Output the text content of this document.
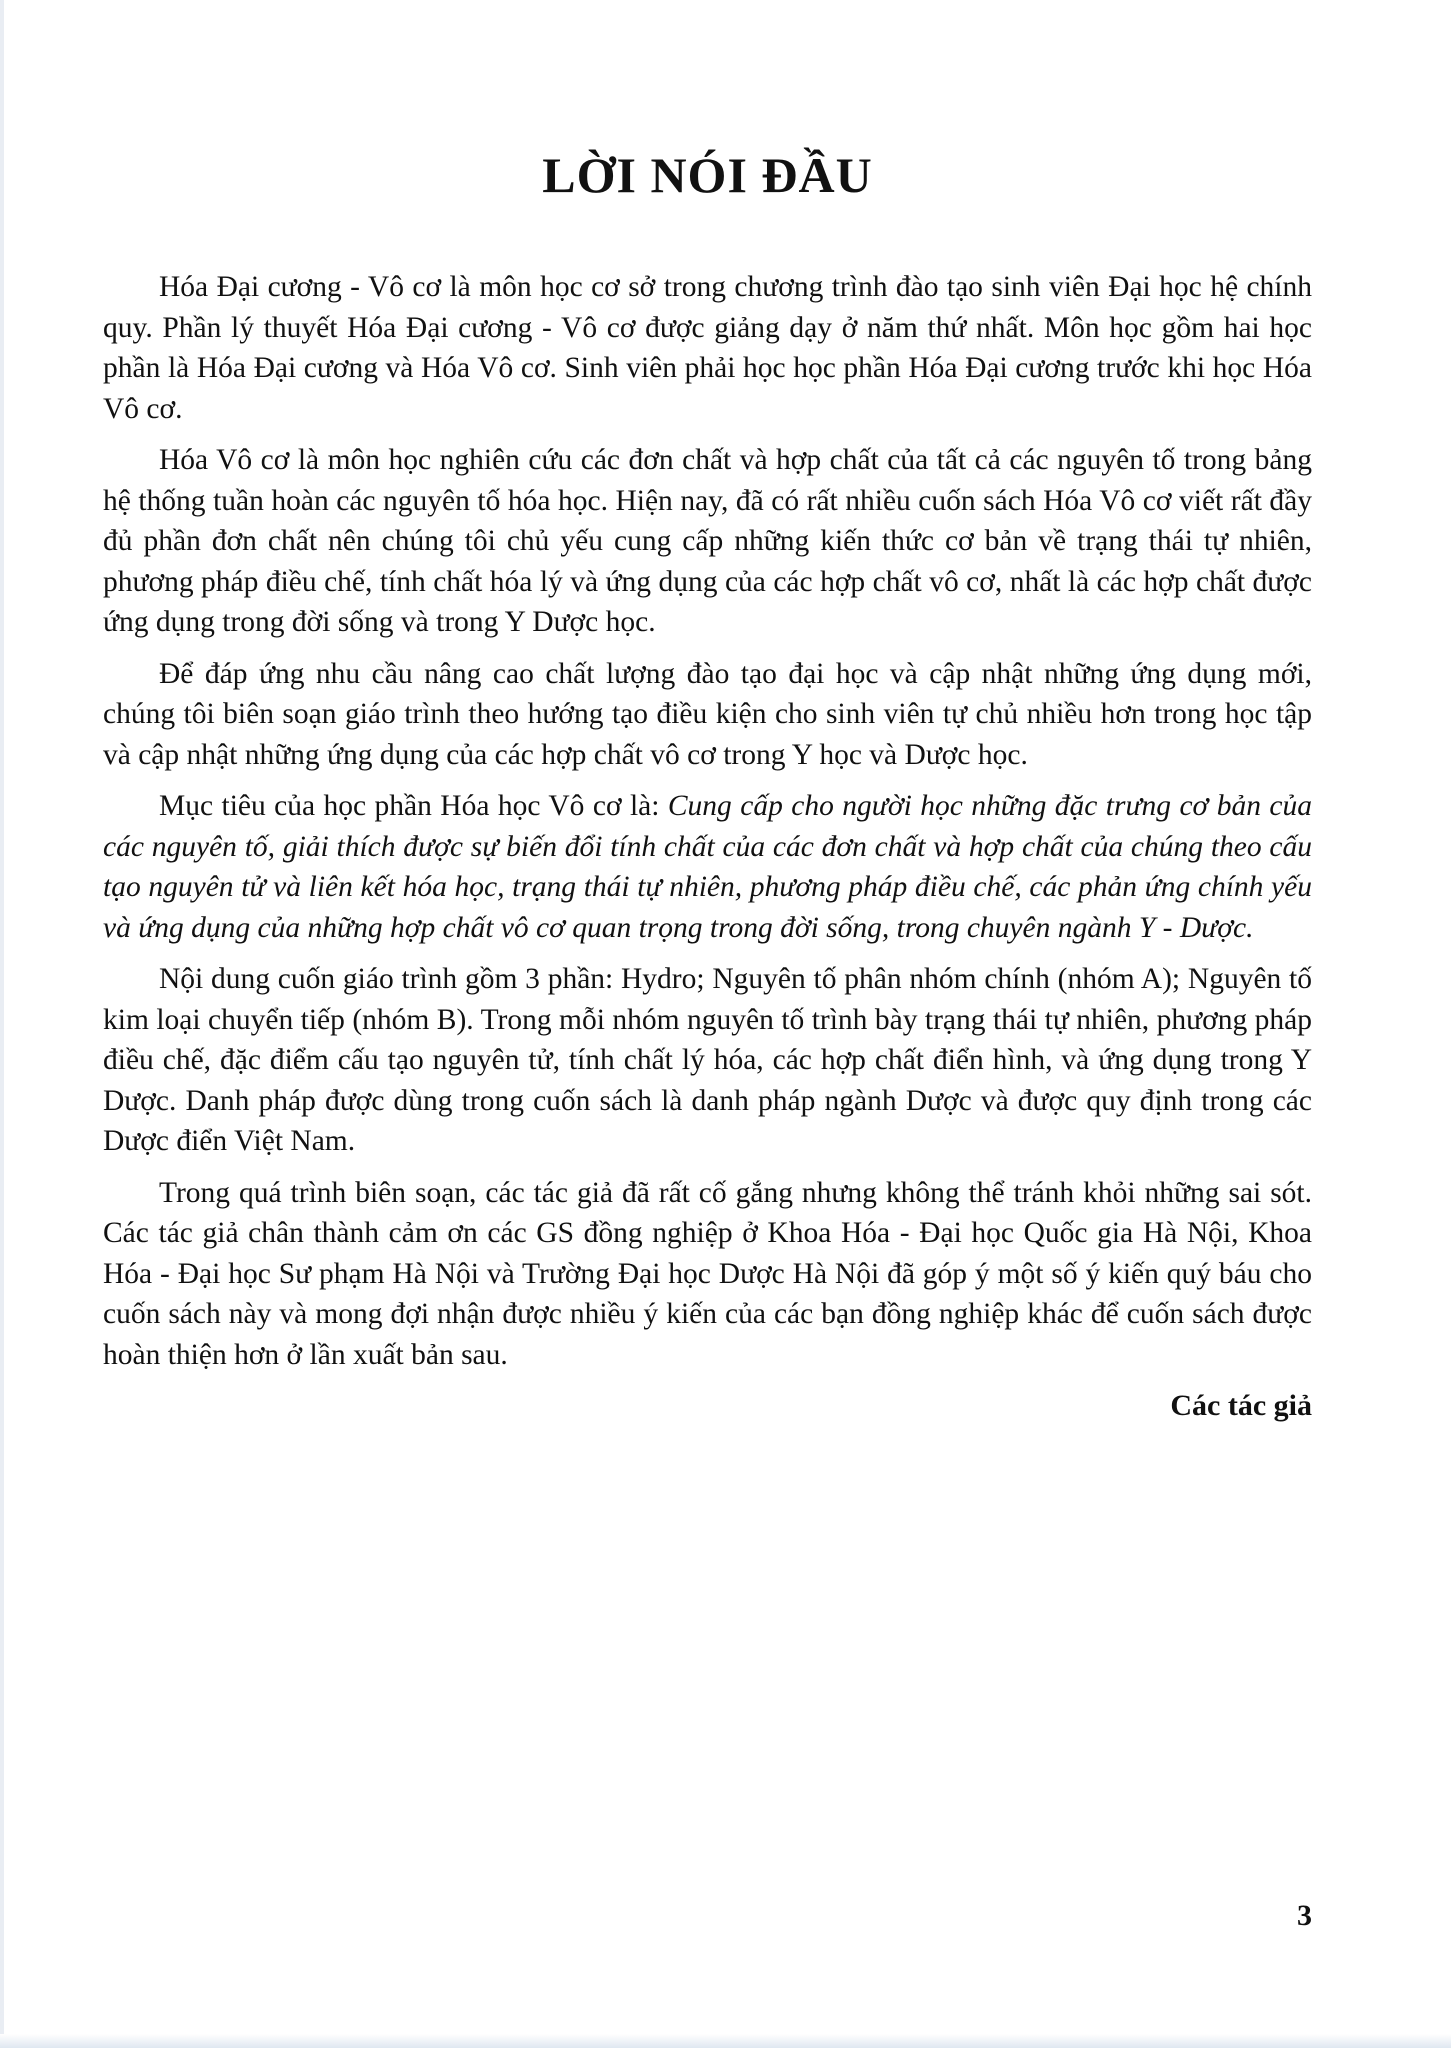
LỜI NÓI ĐẦU

Hóa Đại cương - Vô cơ là môn học cơ sở trong chương trình đào tạo sinh viên Đại học hệ chính quy. Phần lý thuyết Hóa Đại cương - Vô cơ được giảng dạy ở năm thứ nhất. Môn học gồm hai học phần là Hóa Đại cương và Hóa Vô cơ. Sinh viên phải học học phần Hóa Đại cương trước khi học Hóa Vô cơ.

Hóa Vô cơ là môn học nghiên cứu các đơn chất và hợp chất của tất cả các nguyên tố trong bảng hệ thống tuần hoàn các nguyên tố hóa học. Hiện nay, đã có rất nhiều cuốn sách Hóa Vô cơ viết rất đầy đủ phần đơn chất nên chúng tôi chủ yếu cung cấp những kiến thức cơ bản về trạng thái tự nhiên, phương pháp điều chế, tính chất hóa lý và ứng dụng của các hợp chất vô cơ, nhất là các hợp chất được ứng dụng trong đời sống và trong Y Dược học.

Để đáp ứng nhu cầu nâng cao chất lượng đào tạo đại học và cập nhật những ứng dụng mới, chúng tôi biên soạn giáo trình theo hướng tạo điều kiện cho sinh viên tự chủ nhiều hơn trong học tập và cập nhật những ứng dụng của các hợp chất vô cơ trong Y học và Dược học.

Mục tiêu của học phần Hóa học Vô cơ là: Cung cấp cho người học những đặc trưng cơ bản của các nguyên tố, giải thích được sự biến đổi tính chất của các đơn chất và hợp chất của chúng theo cấu tạo nguyên tử và liên kết hóa học, trạng thái tự nhiên, phương pháp điều chế, các phản ứng chính yếu và ứng dụng của những hợp chất vô cơ quan trọng trong đời sống, trong chuyên ngành Y - Dược.

Nội dung cuốn giáo trình gồm 3 phần: Hydro; Nguyên tố phân nhóm chính (nhóm A); Nguyên tố kim loại chuyển tiếp (nhóm B). Trong mỗi nhóm nguyên tố trình bày trạng thái tự nhiên, phương pháp điều chế, đặc điểm cấu tạo nguyên tử, tính chất lý hóa, các hợp chất điển hình, và ứng dụng trong Y Dược. Danh pháp được dùng trong cuốn sách là danh pháp ngành Dược và được quy định trong các Dược điển Việt Nam.

Trong quá trình biên soạn, các tác giả đã rất cố gắng nhưng không thể tránh khỏi những sai sót. Các tác giả chân thành cảm ơn các GS đồng nghiệp ở Khoa Hóa - Đại học Quốc gia Hà Nội, Khoa Hóa - Đại học Sư phạm Hà Nội và Trường Đại học Dược Hà Nội đã góp ý một số ý kiến quý báu cho cuốn sách này và mong đợi nhận được nhiều ý kiến của các bạn đồng nghiệp khác để cuốn sách được hoàn thiện hơn ở lần xuất bản sau.

Các tác giả
3
